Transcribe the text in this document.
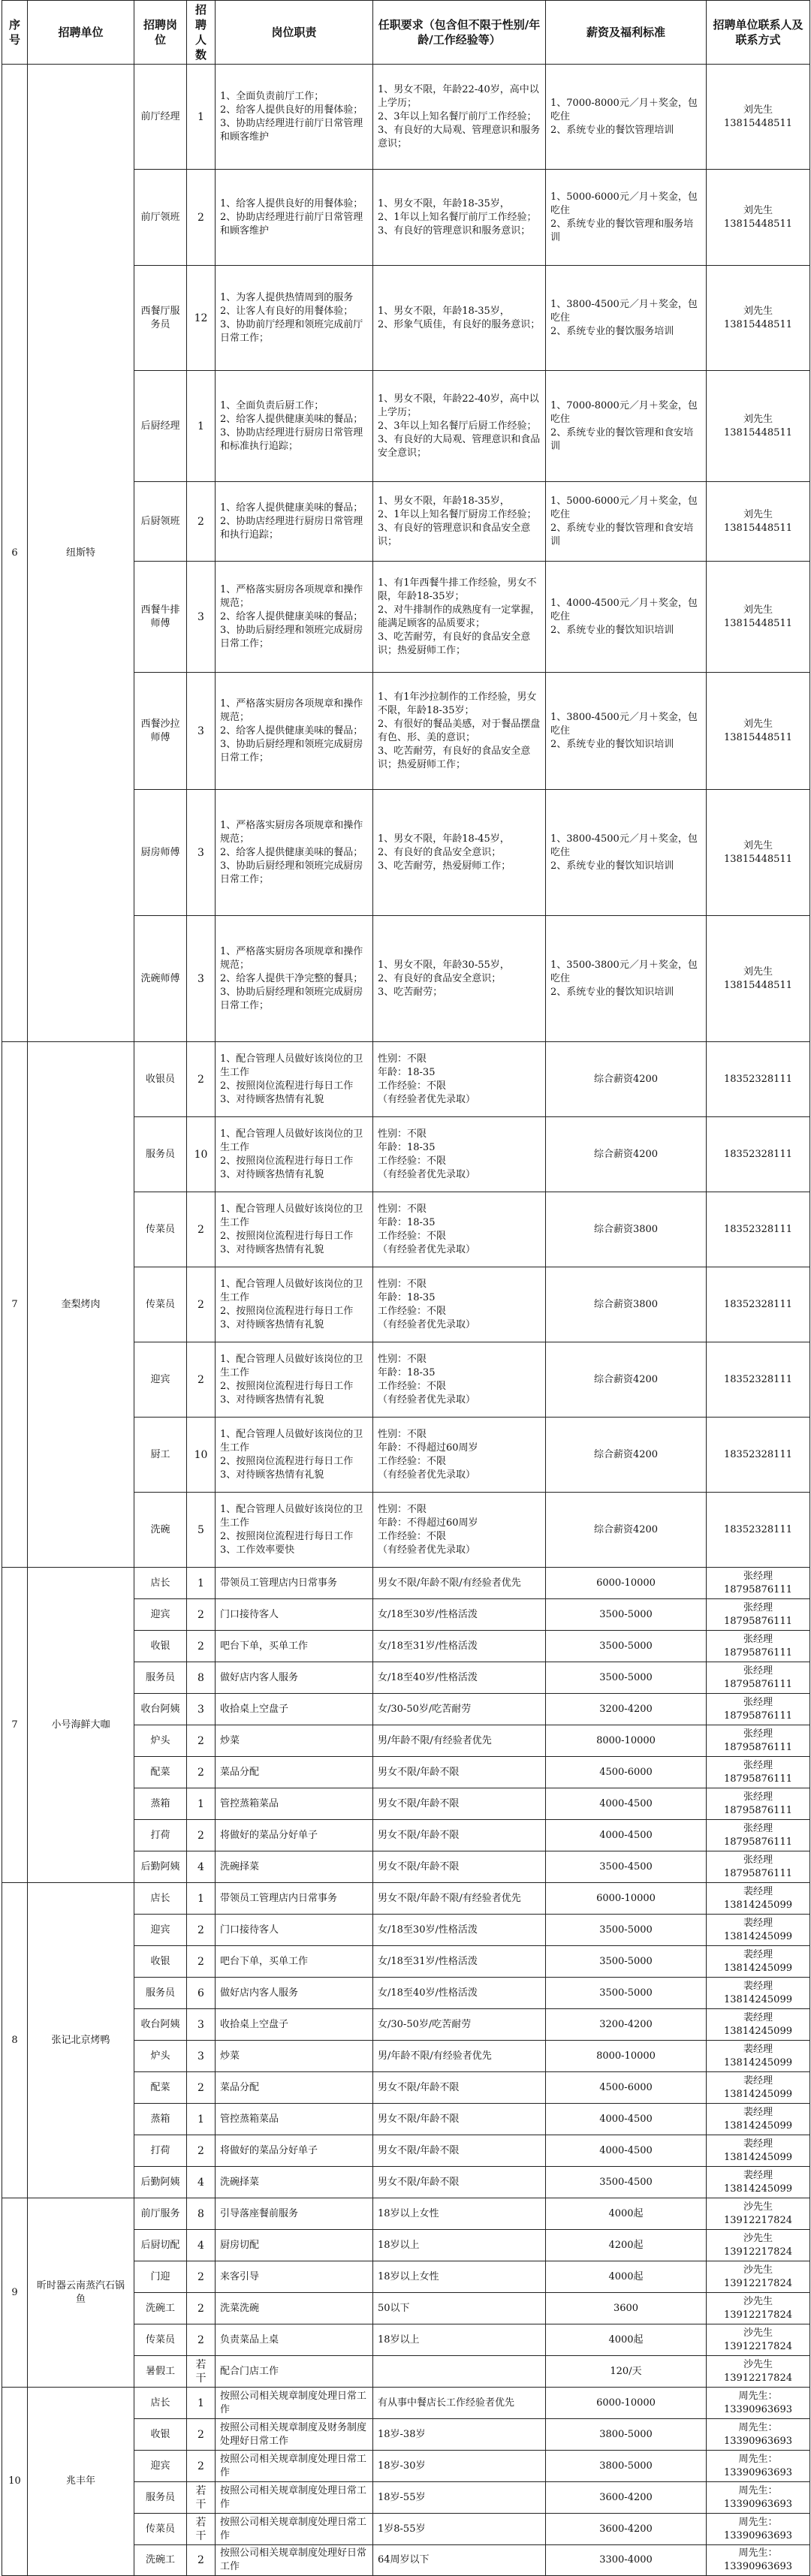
序号	招聘单位	招聘岗位	招聘人数	岗位职责	任职要求（包含但不限于性别/年龄/工作经验等）	薪资及福利标准	招聘单位联系人及联系方式
6	纽斯特	前厅经理	1	1、全面负责前厅工作；
2、给客人提供良好的用餐体验；
3、协助店经理进行前厅日常管理和顾客维护	1、男女不限，年龄22-40岁，高中以上学历；
2、3年以上知名餐厅前厅工作经验；
3、有良好的大局观、管理意识和服务意识；	1、7000-8000元／月＋奖金，包吃住
2、系统专业的餐饮管理培训	刘先生
13815448511
		前厅领班	2	1、给客人提供良好的用餐体验；
2、协助店经理进行前厅日常管理和顾客维护	1、男女不限，年龄18-35岁，
2、1年以上知名餐厅前厅工作经验；
3、有良好的管理意识和服务意识；	1、5000-6000元／月＋奖金，包吃住
2、系统专业的餐饮管理和服务培训	刘先生
13815448511
		西餐厅服务员	12	1、为客人提供热情周到的服务
2、让客人有良好的用餐体验；
3、协助前厅经理和领班完成前厅日常工作；	1、男女不限，年龄18-35岁，
2、形象气质佳，有良好的服务意识；	1、3800-4500元／月＋奖金，包吃住
2、系统专业的餐饮服务培训	刘先生
13815448511
		后厨经理	1	1、全面负责后厨工作；
2、给客人提供健康美味的餐品；
3、协助店经理进行厨房日常管理和标准执行追踪；	1、男女不限，年龄22-40岁，高中以上学历；
2、3年以上知名餐厅后厨工作经验；
3、有良好的大局观、管理意识和食品安全意识；	1、7000-8000元／月＋奖金，包吃住
2、系统专业的餐饮管理和食安培训	刘先生
13815448511
		后厨领班	2	1、给客人提供健康美味的餐品；
2、协助店经理进行厨房日常管理和执行追踪；	1、男女不限，年龄18-35岁，
2、1年以上知名餐厅厨房工作经验；
3、有良好的管理意识和食品安全意识；	1、5000-6000元／月＋奖金，包吃住
2、系统专业的餐饮管理和食安培训	刘先生
13815448511
		西餐牛排师傅	3	1、严格落实厨房各项规章和操作规范；
2、给客人提供健康美味的餐品；
3、协助后厨经理和领班完成厨房日常工作；	1、有1年西餐牛排工作经验，男女不限，年龄18-35岁；
2、对牛排制作的成熟度有一定掌握，能满足顾客的品质要求；
3、吃苦耐劳，有良好的食品安全意识；热爱厨师工作；	1、4000-4500元／月＋奖金，包吃住
2、系统专业的餐饮知识培训	刘先生
13815448511
		西餐沙拉师傅	3	1、严格落实厨房各项规章和操作规范；
2、给客人提供健康美味的餐品；
3、协助后厨经理和领班完成厨房日常工作；	1、有1年沙拉制作的工作经验，男女不限，年龄18-35岁；
2、有很好的餐品美感，对于餐品摆盘有色、形、美的意识；
3、吃苦耐劳，有良好的食品安全意识；热爱厨师工作；	1、3800-4500元／月＋奖金，包吃住
2、系统专业的餐饮知识培训	刘先生
13815448511
		厨房师傅	3	1、严格落实厨房各项规章和操作规范；
2、给客人提供健康美味的餐品；
3、协助后厨经理和领班完成厨房日常工作；	1、男女不限，年龄18-45岁，
2、有良好的食品安全意识；
3、吃苦耐劳，热爱厨师工作；	1、3800-4500元／月＋奖金，包吃住
2、系统专业的餐饮知识培训	刘先生
13815448511
		洗碗师傅	3	1、严格落实厨房各项规章和操作规范；
2、给客人提供干净完整的餐具；
3、协助后厨经理和领班完成厨房日常工作；	1、男女不限，年龄30-55岁，
2、有良好的食品安全意识；
3、吃苦耐劳；	1、3500-3800元／月＋奖金，包吃住
2、系统专业的餐饮知识培训	刘先生
13815448511
7	奎梨烤肉	收银员	2	1、配合管理人员做好该岗位的卫生工作
2、按照岗位流程进行每日工作
3、对待顾客热情有礼貌	性别：不限
年龄：18-35
工作经验：不限
（有经验者优先录取）	综合薪资4200	18352328111
		服务员	10	1、配合管理人员做好该岗位的卫生工作
2、按照岗位流程进行每日工作
3、对待顾客热情有礼貌	性别：不限
年龄：18-35
工作经验：不限
（有经验者优先录取）	综合薪资4200	18352328111
		传菜员	2	1、配合管理人员做好该岗位的卫生工作
2、按照岗位流程进行每日工作
3、对待顾客热情有礼貌	性别：不限
年龄：18-35
工作经验：不限
（有经验者优先录取）	综合薪资3800	18352328111
		传菜员	2	1、配合管理人员做好该岗位的卫生工作
2、按照岗位流程进行每日工作
3、对待顾客热情有礼貌	性别：不限
年龄：18-35
工作经验：不限
（有经验者优先录取）	综合薪资3800	18352328111
		迎宾	2	1、配合管理人员做好该岗位的卫生工作
2、按照岗位流程进行每日工作
3、对待顾客热情有礼貌	性别：不限
年龄：18-35
工作经验：不限
（有经验者优先录取）	综合薪资4200	18352328111
		厨工	10	1、配合管理人员做好该岗位的卫生工作
2、按照岗位流程进行每日工作
3、对待顾客热情有礼貌	性别：不限
年龄：不得超过60周岁
工作经验：不限
（有经验者优先录取）	综合薪资4200	18352328111
		洗碗	5	1、配合管理人员做好该岗位的卫生工作
2、按照岗位流程进行每日工作
3、工作效率要快	性别：不限
年龄：不得超过60周岁
工作经验：不限
（有经验者优先录取）	综合薪资4200	18352328111
7	小号海鲜大咖	店长	1	带领员工管理店内日常事务	男女不限/年龄不限/有经验者优先	6000-10000	张经理
18795876111
		迎宾	2	门口接待客人	女/18至30岁/性格活泼	3500-5000	张经理
18795876111
		收银	2	吧台下单，买单工作	女/18至31岁/性格活泼	3500-5000	张经理
18795876111
		服务员	8	做好店内客人服务	女/18至40岁/性格活泼	3500-5000	张经理
18795876111
		收台阿姨	3	收拾桌上空盘子	女/30-50岁/吃苦耐劳	3200-4200	张经理
18795876111
		炉头	2	炒菜	男/年龄不限/有经验者优先	8000-10000	张经理
18795876111
		配菜	2	菜品分配	男女不限/年龄不限	4500-6000	张经理
18795876111
		蒸箱	1	管控蒸箱菜品	男女不限/年龄不限	4000-4500	张经理
18795876111
		打荷	2	将做好的菜品分好单子	男女不限/年龄不限	4000-4500	张经理
18795876111
		后勤阿姨	4	洗碗择菜	男女不限/年龄不限	3500-4500	张经理
18795876111
8	张记北京烤鸭	店长	1	带领员工管理店内日常事务	男女不限/年龄不限/有经验者优先	6000-10000	裴经理
13814245099
		迎宾	2	门口接待客人	女/18至30岁/性格活泼	3500-5000	裴经理
13814245099
		收银	2	吧台下单，买单工作	女/18至31岁/性格活泼	3500-5000	裴经理
13814245099
		服务员	6	做好店内客人服务	女/18至40岁/性格活泼	3500-5000	裴经理
13814245099
		收台阿姨	3	收拾桌上空盘子	女/30-50岁/吃苦耐劳	3200-4200	裴经理
13814245099
		炉头	3	炒菜	男/年龄不限/有经验者优先	8000-10000	裴经理
13814245099
		配菜	2	菜品分配	男女不限/年龄不限	4500-6000	裴经理
13814245099
		蒸箱	1	管控蒸箱菜品	男女不限/年龄不限	4000-4500	裴经理
13814245099
		打荷	2	将做好的菜品分好单子	男女不限/年龄不限	4000-4500	裴经理
13814245099
		后勤阿姨	4	洗碗择菜	男女不限/年龄不限	3500-4500	裴经理
13814245099
9	昕时器云南蒸汽石锅鱼	前厅服务	8	引导落座餐前服务	18岁以上女性	4000起	沙先生
13912217824
		后厨切配	4	厨房切配	18岁以上	4200起	沙先生
13912217824
		门迎	2	来客引导	18岁以上女性	4000起	沙先生
13912217824
		洗碗工	2	洗菜洗碗	50以下	3600	沙先生
13912217824
		传菜员	2	负责菜品上桌	18岁以上	4000起	沙先生
13912217824
		暑假工	若干	配合门店工作		120/天	沙先生
13912217824
10	兆丰年	店长	1	按照公司相关规章制度处理日常工作	有从事中餐店长工作经验者优先	6000-10000	周先生：
13390963693
		收银	2	按照公司相关规章制度及财务制度处理好日常工作	18岁-38岁	3800-5000	周先生：
13390963693
		迎宾	2	按照公司相关规章制度处理日常工作	18岁-30岁	3800-5000	周先生：
13390963693
		服务员	若干	按照公司相关规章制度处理日常工作	18岁-55岁	3600-4200	周先生：
13390963693
		传菜员	若干	按照公司相关规章制度处理日常工作	1岁8-55岁	3600-4200	周先生：
13390963693
		洗碗工	2	按照公司相关规章制度处理好日常工作	64周岁以下	3300-4000	周先生：
13390963693
